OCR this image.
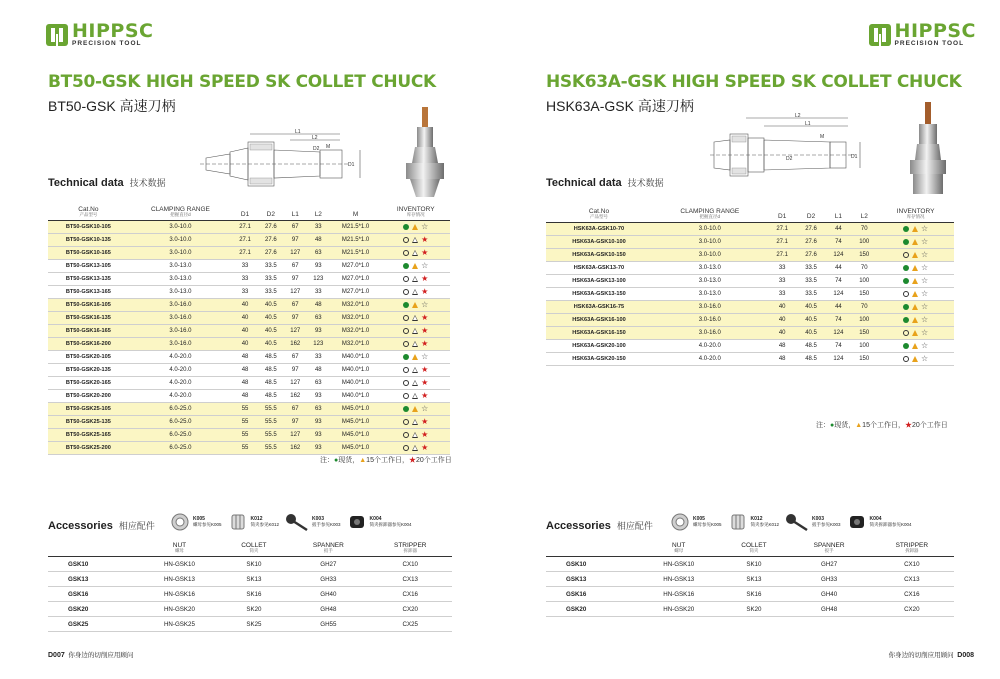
HIPPSC
PRECISION TOOL
BT50-GSK HIGH SPEED SK COLLET CHUCK
BT50-GSK 高速刀柄
L1
L2
D2
D1
M
Technical data 技术数据
Cat.No
产品型号	CLAMPING RANGE
把握直径d	D1	D2	L1	L2	M	INVENTORY
库存情况

BT50-GSK10-105	3.0-10.0	27.1	27.6	67	33	M21.5*1.0	☆

BT50-GSK10-135	3.0-10.0	27.1	27.6	97	48	M21.5*1.0	★

BT50-GSK10-165	3.0-10.0	27.1	27.6	127	63	M21.5*1.0	★

BT50-GSK13-105	3.0-13.0	33	33.5	67	93	M27.0*1.0	☆

BT50-GSK13-135	3.0-13.0	33	33.5	97	123	M27.0*1.0	★

BT50-GSK13-165	3.0-13.0	33	33.5	127	33	M27.0*1.0	★

BT50-GSK16-105	3.0-16.0	40	40.5	67	48	M32.0*1.0	☆

BT50-GSK16-135	3.0-16.0	40	40.5	97	63	M32.0*1.0	★

BT50-GSK16-165	3.0-16.0	40	40.5	127	93	M32.0*1.0	★

BT50-GSK16-200	3.0-16.0	40	40.5	162	123	M32.0*1.0	★

BT50-GSK20-105	4.0-20.0	48	48.5	67	33	M40.0*1.0	☆

BT50-GSK20-135	4.0-20.0	48	48.5	97	48	M40.0*1.0	★

BT50-GSK20-165	4.0-20.0	48	48.5	127	63	M40.0*1.0	★

BT50-GSK20-200	4.0-20.0	48	48.5	162	93	M40.0*1.0	★

BT50-GSK25-105	6.0-25.0	55	55.5	67	63	M45.0*1.0	☆

BT50-GSK25-135	6.0-25.0	55	55.5	97	93	M45.0*1.0	★

BT50-GSK25-165	6.0-25.0	55	55.5	127	93	M45.0*1.0	★

BT50-GSK25-200	6.0-25.0	55	55.5	162	93	M45.0*1.0	★
注：●现货，▲15个工作日，★20个工作日
Accessories 相应配件
K005
螺母参见K005
K012
筒夹参见K012
K003
扳手参见K003
K004
筒夹拆卸器参见K004
	NUT
螺母	COLLET
筒夹	SPANNER
扳手	STRIPPER
拆卸器

GSK10	HN-GSK10	SK10	GH27	CX10
GSK13	HN-GSK13	SK13	GH33	CX13
GSK16	HN-GSK16	SK16	GH40	CX16
GSK20	HN-GSK20	SK20	GH48	CX20
GSK25	HN-GSK25	SK25	GH55	CX25
D007 你身边的切削应用顾问
HIPPSC
PRECISION TOOL
HSK63A-GSK HIGH SPEED SK COLLET CHUCK
HSK63A-GSK 高速刀柄
L2
L1
M
D2	D1
Technical data 技术数据
Cat.No
产品型号	CLAMPING RANGE
把握直径d	D1	D2	L1	L2	INVENTORY
库存情况

HSK63A-GSK10-70	3.0-10.0	27.1	27.6	44	70	☆

HSK63A-GSK10-100	3.0-10.0	27.1	27.6	74	100	☆

HSK63A-GSK10-150	3.0-10.0	27.1	27.6	124	150	☆

HSK63A-GSK13-70	3.0-13.0	33	33.5	44	70	☆

HSK63A-GSK13-100	3.0-13.0	33	33.5	74	100	☆

HSK63A-GSK13-150	3.0-13.0	33	33.5	124	150	☆

HSK63A-GSK16-75	3.0-16.0	40	40.5	44	70	☆

HSK63A-GSK16-100	3.0-16.0	40	40.5	74	100	☆

HSK63A-GSK16-150	3.0-16.0	40	40.5	124	150	☆

HSK63A-GSK20-100	4.0-20.0	48	48.5	74	100	☆

HSK63A-GSK20-150	4.0-20.0	48	48.5	124	150	☆
注：●现货，▲15个工作日，★20个工作日
Accessories 相应配件
K005
螺母参见K005
K012
筒夹参见K012
K003
扳手参见K003
K004
筒夹拆卸器参见K004
	NUT
螺母	COLLET
筒夹	SPANNER
扳手	STRIPPER
拆卸器

GSK10	HN-GSK10	SK10	GH27	CX10
GSK13	HN-GSK13	SK13	GH33	CX13
GSK16	HN-GSK16	SK16	GH40	CX16
GSK20	HN-GSK20	SK20	GH48	CX20
你身边的切削应用顾问 D008
